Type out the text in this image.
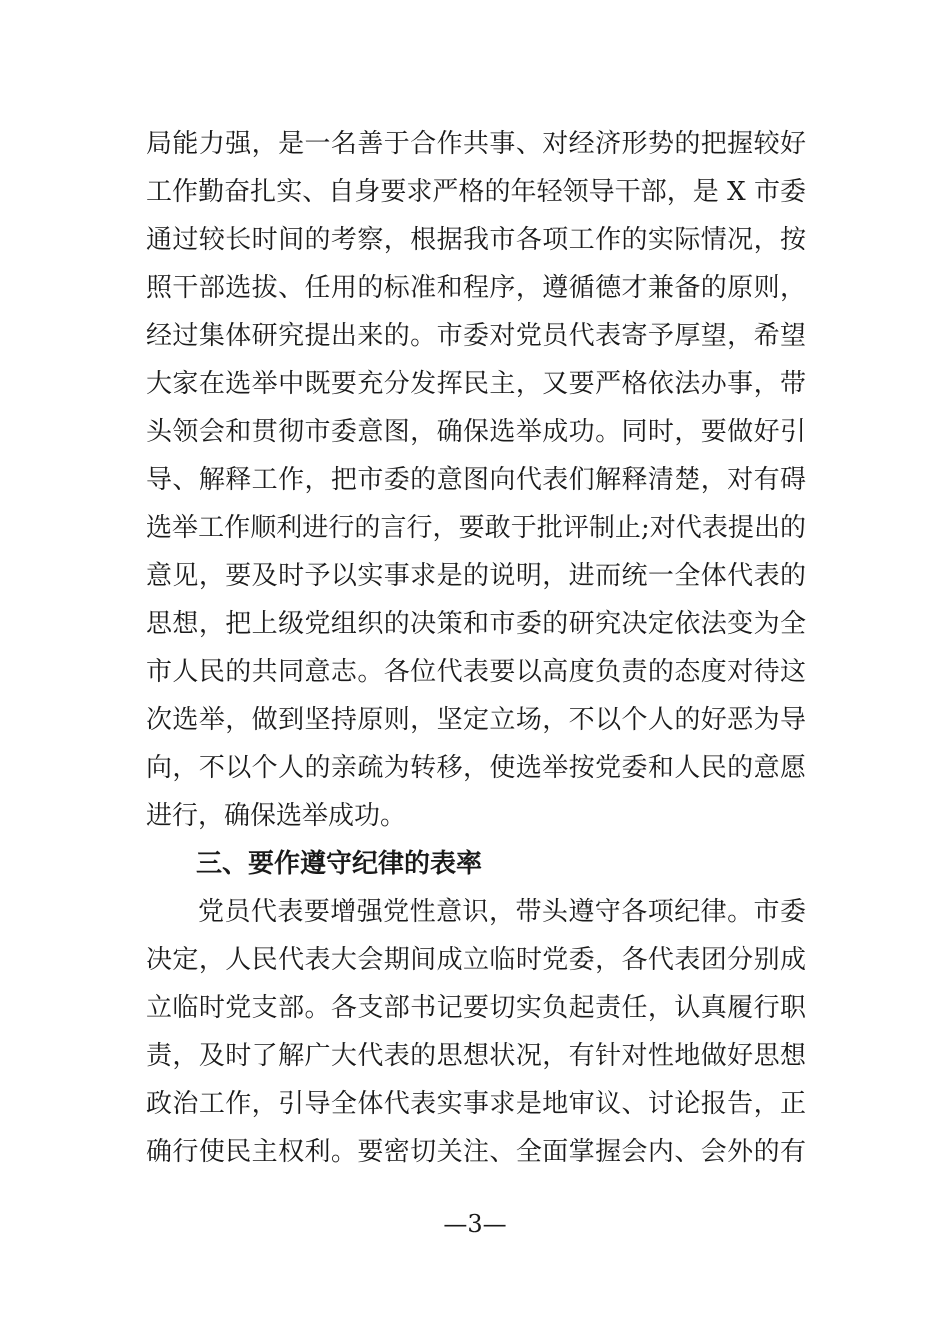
局能力强，是一名善于合作共事、对经济形势的把握较好
工作勤奋扎实、自身要求严格的年轻领导干部，是 X 市委
通过较长时间的考察，根据我市各项工作的实际情况，按
照干部选拔、任用的标准和程序，遵循德才兼备的原则，
经过集体研究提出来的。市委对党员代表寄予厚望，希望
大家在选举中既要充分发挥民主，又要严格依法办事，带
头领会和贯彻市委意图，确保选举成功。同时，要做好引
导、解释工作，把市委的意图向代表们解释清楚，对有碍
选举工作顺利进行的言行，要敢于批评制止;对代表提出的
意见，要及时予以实事求是的说明，进而统一全体代表的
思想，把上级党组织的决策和市委的研究决定依法变为全
市人民的共同意志。各位代表要以高度负责的态度对待这
次选举，做到坚持原则，坚定立场，不以个人的好恶为导
向，不以个人的亲疏为转移，使选举按党委和人民的意愿
进行，确保选举成功。
三、要作遵守纪律的表率
党员代表要增强党性意识，带头遵守各项纪律。市委
决定，人民代表大会期间成立临时党委，各代表团分别成
立临时党支部。各支部书记要切实负起责任，认真履行职
责，及时了解广大代表的思想状况，有针对性地做好思想
政治工作，引导全体代表实事求是地审议、讨论报告，正
确行使民主权利。要密切关注、全面掌握会内、会外的有
—3—
